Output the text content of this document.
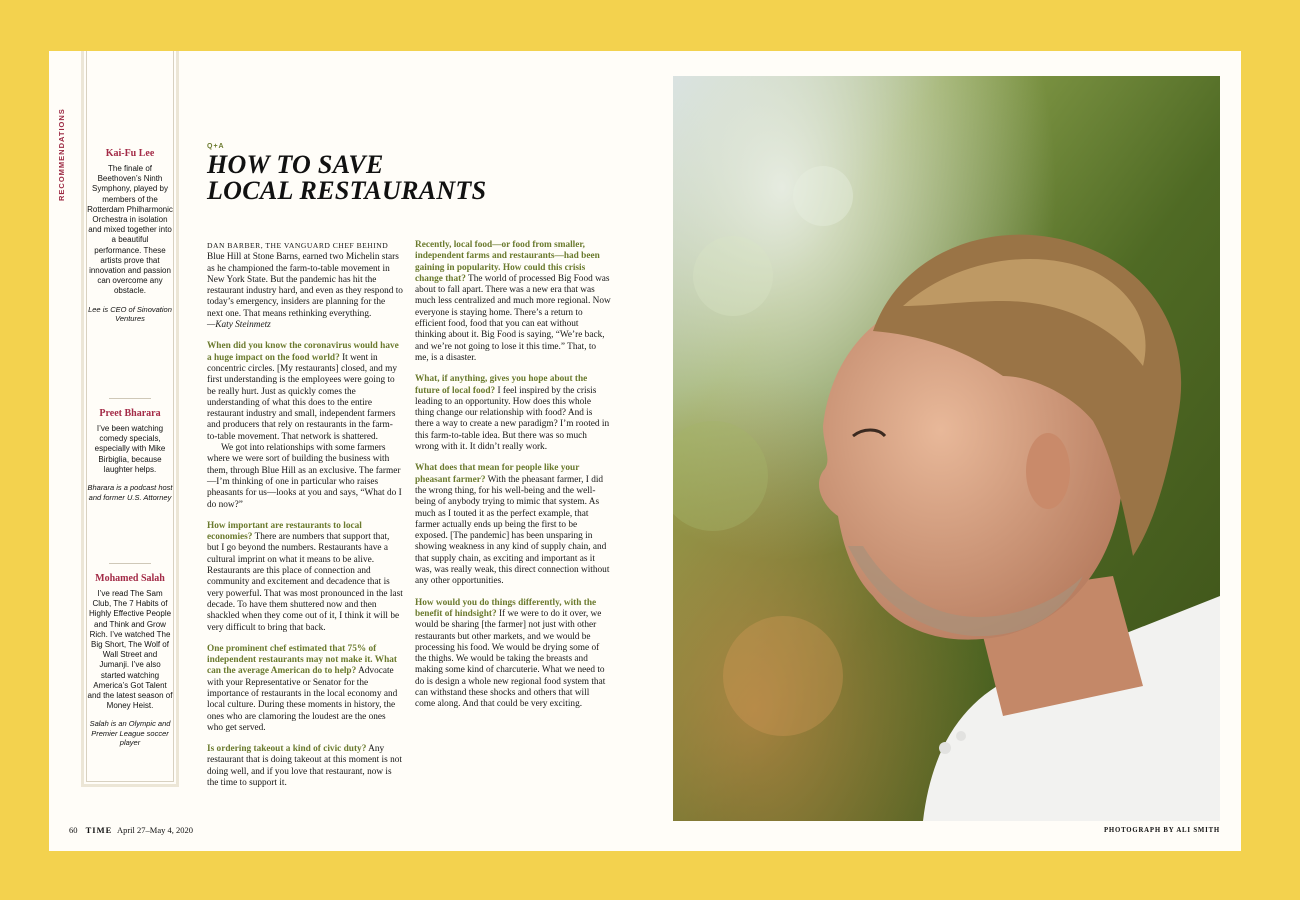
RECOMMENDATIONS	Kai-Fu Lee
The finale of Beethoven’s Ninth Symphony, played by members of the Rotterdam Philharmonic Orchestra in isolation and mixed together into a beautiful performance. These artists prove that innovation and passion can overcome any obstacle.
Lee is CEO of Sinovation Ventures
Preet Bharara
I’ve been watching comedy specials, especially with Mike Birbiglia, because laughter helps.
Bharara is a podcast host and former U.S. Attorney
Mohamed Salah
I’ve read The Sam Club, The 7 Habits of Highly Effective People and Think and Grow Rich. I’ve watched The Big Short, The Wolf of Wall Street and Jumanji. I’ve also started watching America’s Got Talent and the latest season of Money Heist.
Salah is an Olympic and Premier League soccer player
Q+A
HOW TO SAVE
LOCAL RESTAURANTS

DAN BARBER, THE VANGUARD CHEF BEHIND Blue Hill at Stone Barns, earned two Michelin stars as he championed the farm-to-table movement in New York State. But the pandemic has hit the restaurant industry hard, and even as they respond to today’s emergency, insiders are planning for the next one. That means rethinking everything.

—Katy Steinmetz

When did you know the coronavirus would have a huge impact on the food world? It went in concentric circles. [My restaurants] closed, and my first understanding is the employees were going to be really hurt. Just as quickly comes the understanding of what this does to the entire restaurant industry and small, independent farmers and producers that rely on restaurants in the farm-to-table movement. That network is shattered.

We got into relationships with some farmers where we were sort of building the business with them, through Blue Hill as an exclusive. The farmer—I’m thinking of one in particular who raises pheasants for us—looks at you and says, “What do I do now?”

How important are restaurants to local economies? There are numbers that support that, but I go beyond the numbers. Restaurants have a cultural imprint on what it means to be alive. Restaurants are this place of connection and community and excitement and decadence that is very powerful. That was most pronounced in the last decade. To have them shuttered now and then shackled when they come out of it, I think it will be very difficult to bring that back.

One prominent chef estimated that 75% of independent restaurants may not make it. What can the average American do to help? Advocate with your Representative or Senator for the importance of restaurants in the local economy and local culture. During these moments in history, the ones who are clamoring the loudest are the ones who get served.

Is ordering takeout a kind of civic duty? Any restaurant that is doing takeout at this moment is not doing well, and if you love that restaurant, now is the time to support it.

Recently, local food—or food from smaller, independent farms and restaurants—had been gaining in popularity. How could this crisis change that? The world of processed Big Food was about to fall apart. There was a new era that was much less centralized and much more regional. Now everyone is staying home. There’s a return to efficient food, food that you can eat without thinking about it. Big Food is saying, “We’re back, and we’re not going to lose it this time.” That, to me, is a disaster.

What, if anything, gives you hope about the future of local food? I feel inspired by the crisis leading to an opportunity. How does this whole thing change our relationship with food? And is there a way to create a new paradigm? I’m rooted in this farm-to-table idea. But there was so much wrong with it. It didn’t really work.

What does that mean for people like your pheasant farmer? With the pheasant farmer, I did the wrong thing, for his well-being and the well-being of anybody trying to mimic that system. As much as I touted it as the perfect example, that farmer actually ends up being the first to be exposed. [The pandemic] has been unsparing in showing weakness in any kind of supply chain, and that supply chain, as exciting and important as it was, was really weak, this direct connection without any other opportunities.

How would you do things differently, with the benefit of hindsight? If we were to do it over, we would be sharing [the farmer] not just with other restaurants but other markets, and we would be processing his food. We would be drying some of the thighs. We would be taking the breasts and making some kind of charcuterie. What we need to do is design a whole new regional food system that can withstand these shocks and others that will come along. And that could be very exciting.

60 TIME April 27–May 4, 2020	PHOTOGRAPH BY ALI SMITH
